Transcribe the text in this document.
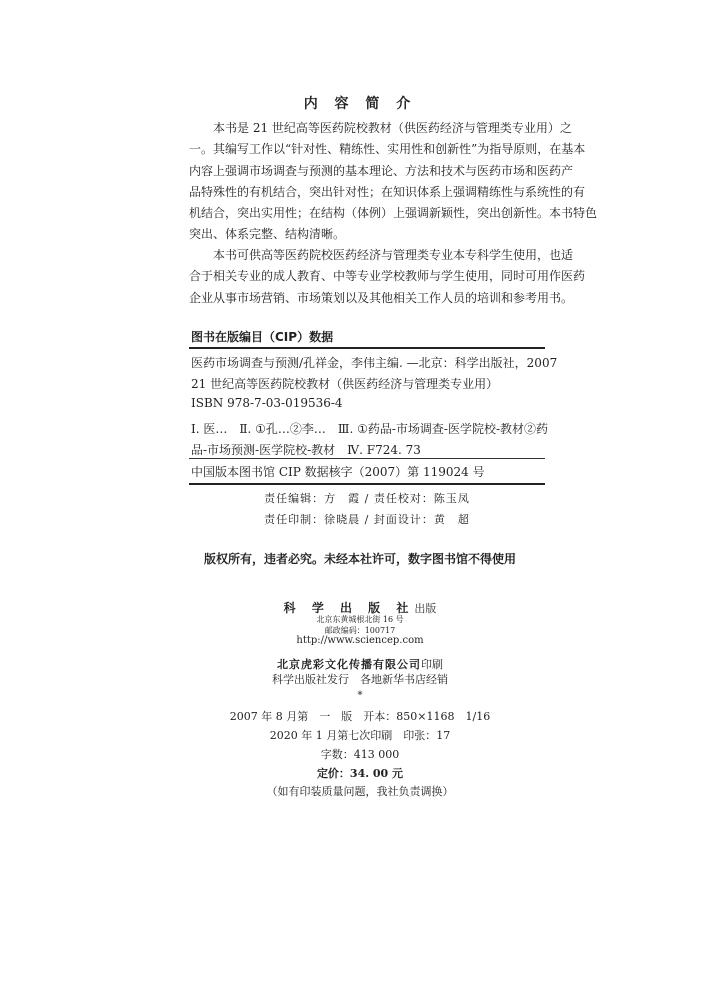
内 容 简 介

　　本书是 21 世纪高等医药院校教材（供医药经济与管理类专业用）之
一。其编写工作以“针对性、精练性、实用性和创新性”为指导原则，在基本
内容上强调市场调查与预测的基本理论、方法和技术与医药市场和医药产
品特殊性的有机结合，突出针对性；在知识体系上强调精练性与系统性的有
机结合，突出实用性；在结构（体例）上强调新颖性，突出创新性。本书特色
突出、体系完整、结构清晰。

　　本书可供高等医药院校医药经济与管理类专业本专科学生使用，也适
合于相关专业的成人教育、中等专业学校教师与学生使用，同时可用作医药
企业从事市场营销、市场策划以及其他相关工作人员的培训和参考用书。

图书在版编目（CIP）数据
医药市场调查与预测/孔祥金，李伟主编. —北京：科学出版社，2007
21 世纪高等医药院校教材（供医药经济与管理类专业用）
ISBN 978-7-03-019536-4
Ⅰ. 医…　Ⅱ. ①孔…②李…　Ⅲ. ①药品-市场调查-医学院校-教材②药
品-市场预测-医学院校-教材　Ⅳ. F724. 73
中国版本图书馆 CIP 数据核字（2007）第 119024 号
责任编辑：方　霞 / 责任校对：陈玉凤
责任印制：徐晓晨 / 封面设计：黄　超
版权所有，违者必究。未经本社许可，数字图书馆不得使用
科 学 出 版 社出版
北京东黄城根北街 16 号
邮政编码：100717
http://www.sciencep.com
北京虎彩文化传播有限公司印刷
科学出版社发行　各地新华书店经销
*
2007 年 8 月第　一　版　 开本：850×1168　1/16
2020 年 1 月第七次印刷　 印张：17
字数：413 000
定价：34. 00 元
（如有印装质量问题，我社负责调换）
